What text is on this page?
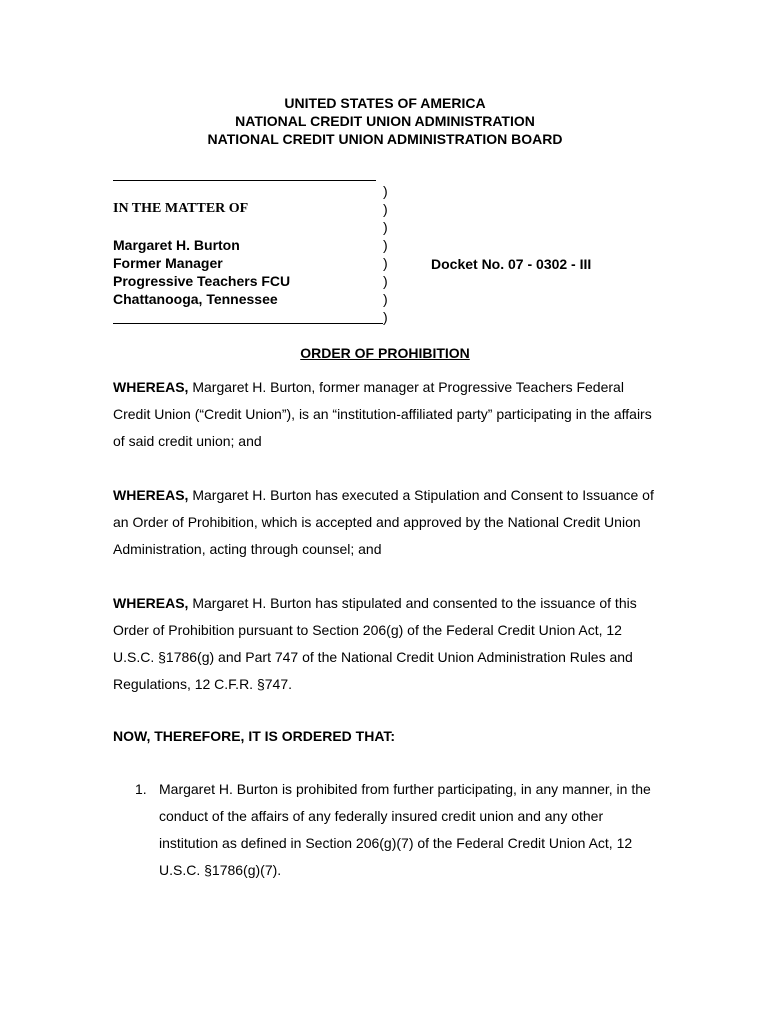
UNITED STATES OF AMERICA
NATIONAL CREDIT UNION ADMINISTRATION
NATIONAL CREDIT UNION ADMINISTRATION BOARD
)
)
)
)
)
)
)
)
IN THE MATTER OF
Margaret H. Burton
Former Manager
Progressive Teachers FCU
Chattanooga, Tennessee
Docket No. 07 - 0302 - III
ORDER OF PROHIBITION
WHEREAS, Margaret H. Burton, former manager at Progressive Teachers Federal Credit Union (“Credit Union”), is an “institution-affiliated party” participating in the affairs of said credit union; and
WHEREAS, Margaret H. Burton has executed a Stipulation and Consent to Issuance of an Order of Prohibition, which is accepted and approved by the National Credit Union Administration, acting through counsel; and
WHEREAS, Margaret H. Burton has stipulated and consented to the issuance of this Order of Prohibition pursuant to Section 206(g) of the Federal Credit Union Act, 12 U.S.C. §1786(g) and Part 747 of the National Credit Union Administration Rules and Regulations, 12 C.F.R. §747.
NOW, THEREFORE, IT IS ORDERED THAT:
1. Margaret H. Burton is prohibited from further participating, in any manner, in the conduct of the affairs of any federally insured credit union and any other institution as defined in Section 206(g)(7) of the Federal Credit Union Act, 12 U.S.C. §1786(g)(7).
